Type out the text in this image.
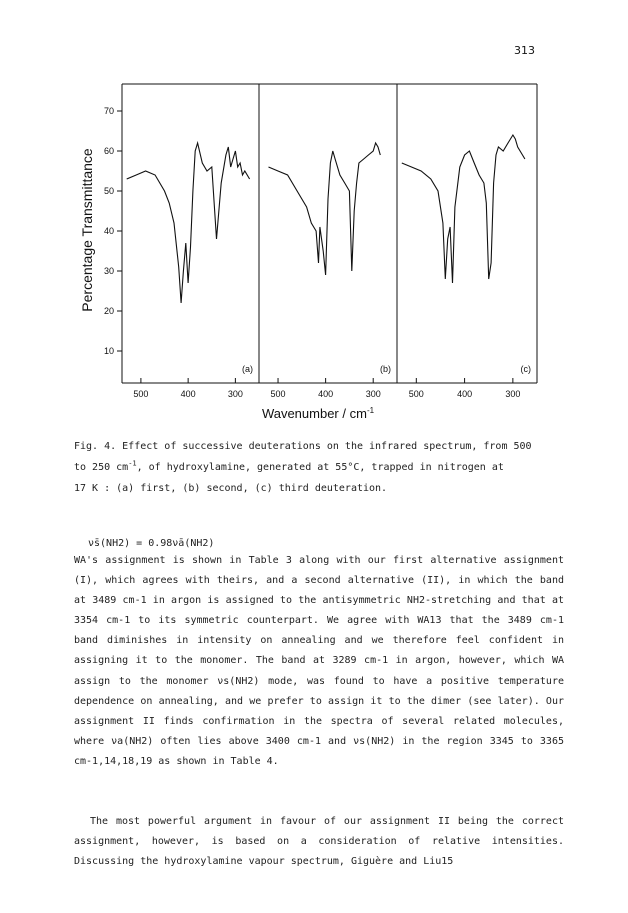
313
70
60
50
40
30
20
10
500	400	300
(a)
500	400	300
(b)
500	400	300
(c)
Percentage Transmittance
Wavenumber / $cm^{-1}$
Fig. 4. Effect of successive deuterations on the infrared spectrum, from 500
to 250 $cm^{-1}$, of hydroxylamine, generated at 55°C, trapped in nitrogen at
17 K : (a) first, (b) second, (c) third deuteration.
ν̄s(NH2) = 0.98ν̄a(NH2)
WA's assignment is shown in Table 3 along with our first alternative assignment (I), which agrees with theirs, and a second alternative (II), in which the band at 3489 cm-1 in argon is assigned to the antisymmetric NH2-stretching and that at 3354 cm-1 to its symmetric counterpart. We agree with WA13 that the 3489 cm-1 band diminishes in intensity on annealing and we therefore feel confident in assigning it to the monomer. The band at 3289 cm-1 in argon, however, which WA assign to the monomer νs(NH2) mode, was found to have a positive temperature dependence on annealing, and we prefer to assign it to the dimer (see later). Our assignment II finds confirmation in the spectra of several related molecules, where νa(NH2) often lies above 3400 cm-1 and νs(NH2) in the region 3345 to 3365 cm-1,14,18,19 as shown in Table 4.
The most powerful argument in favour of our assignment II being the correct assignment, however, is based on a consideration of relative intensities. Discussing the hydroxylamine vapour spectrum, Giguère and Liu15
